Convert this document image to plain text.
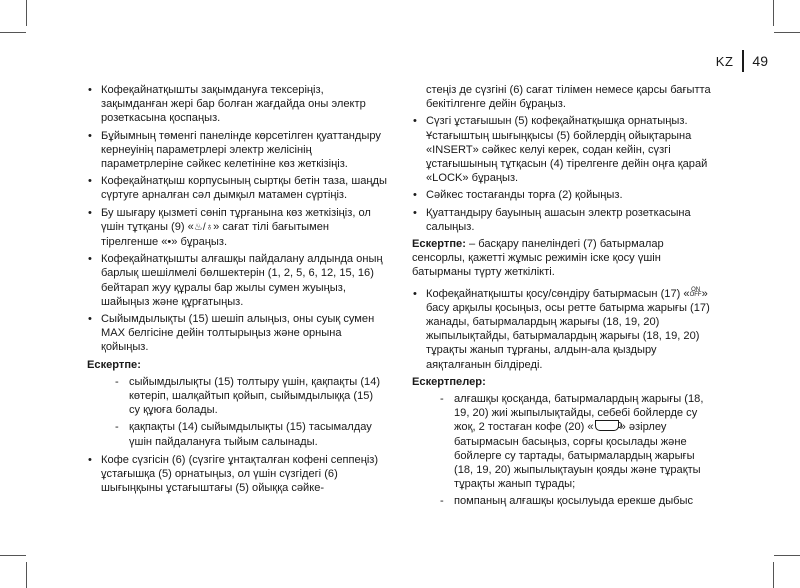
KZ 49
• Кофеқайнатқышты зақымдануға тексеріңіз, зақымданған жері бар болған жағдайда оны электр розеткасына қоспаңыз.
• Бұйымның төменгі панелінде көрсетілген қуаттандыру кернеуінің параметрлері электр желісінің параметрлеріне сәйкес келетініне көз жеткізіңіз.
• Кофеқайнатқыш корпусының сыртқы бетін таза, шаңды сүртуге арналған сәл дымқыл матамен сүртіңіз.
• Бу шығару қызметі сөніп тұрғанына көз жеткізіңіз, ол үшін тұтқаны (9) «♨/♁» сағат тілі бағытымен тірелгенше «•» бұраңыз.
• Кофеқайнатқышты алғашқы пайдалану алдында оның барлық шешілмелі бөлшектерін (1, 2, 5, 6, 12, 15, 16) бейтарап жуу құралы бар жылы сумен жуыңыз, шайыңыз және құрғатыңыз.
• Сыйымдылықты (15) шешіп алыңыз, оны суық сумен MAX белгісіне дейін толтырыңыз және орнына қойыңыз.

Ескертпе:

- сыйымдылықты (15) толтыру үшін, қақпақты (14) көтеріп, шалқайтып қойып, сыйымдылыққа (15) су құюға болады.
- қақпақты (14) сыйымдылықты (15) тасымалдау үшін пайдалануға тыйым салынады.
• Кофе сүзгісін (6) (сүзгіге ұнтақталған кофені сеппеңіз) ұстағышқа (5) орнатыңыз, ол үшін сүзгідегі (6) шығыңқыны ұстағыштағы (5) ойыққа сәйке-

стеңіз де сүзгіні (6) сағат тілімен немесе қарсы бағытта бекітілгенге дейін бұраңыз.

• Сүзгі ұстағышын (5) кофеқайнатқышқа орнатыңыз. Ұстағыштың шығыңқысы (5) бойлердің ойықтарына «INSERT» сәйкес келуі керек, содан кейін, сүзгі ұстағышының тұтқасын (4) тірелгенге дейін оңға қарай «LOCK» бұраңыз.
• Сәйкес тостағанды торға (2) қойыңыз.
• Қуаттандыру бауының ашасын электр розеткасына салыңыз.

Ескертпе: – басқару панеліндегі (7) батырмалар сенсорлы, қажетті жұмыс режимін іске қосу үшін батырманы түрту жеткілікті.

• Кофеқайнатқышты қосу/сөндіру батырмасын (17) « ON
OFF» басу арқылы қосыңыз, осы ретте батырма жарығы (17) жанады, батырмалардың жарығы (18, 19, 20) жыпылықтайды, батырмалардың жарығы (18, 19, 20) тұрақты жанып тұрғаны, алдын-ала қыздыру аяқталғанын білдіреді.

Ескертпелер:

- алғашқы қосқанда, батырмалардың жарығы (18, 19, 20) жиі жыпылықтайды, себебі бойлерде су жоқ, 2 тостаған кофе (20) « » әзірлеу батырмасын басыңыз, сорғы қосылады және бойлерге су тартады, батырмалардың жарығы (18, 19, 20) жыпылықтауын қояды және тұрақты тұрақты жанып тұрады;
- помпаның алғашқы қосылуыда ерекше дыбыс
